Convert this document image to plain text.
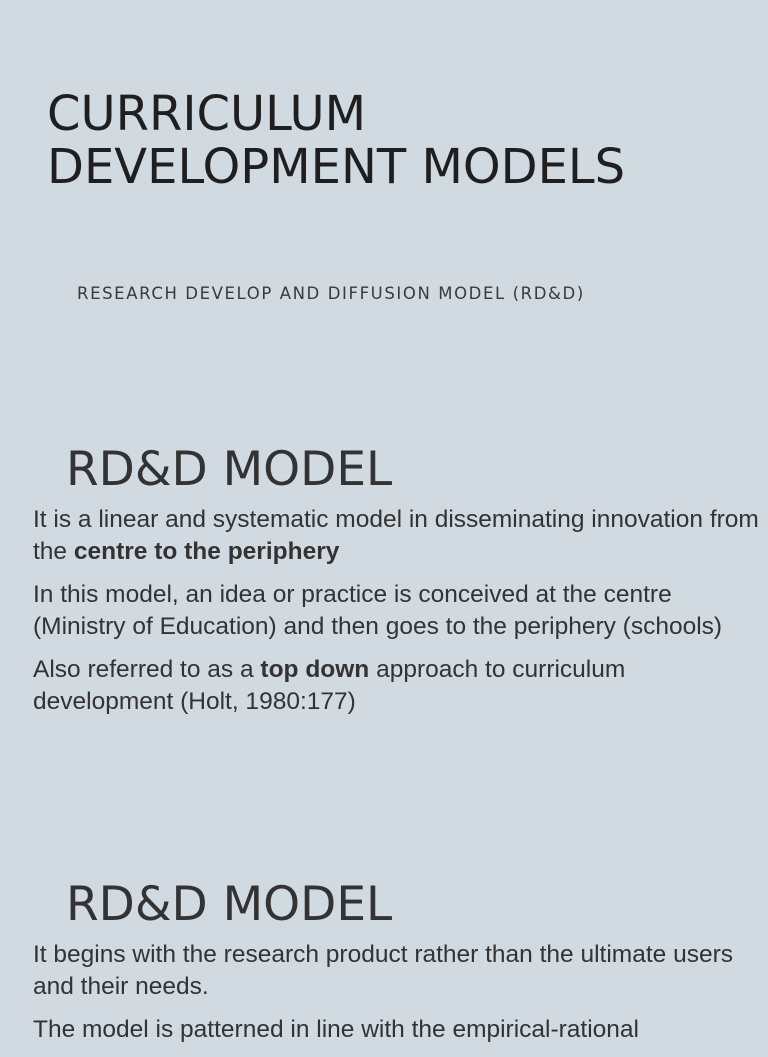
CURRICULUM
DEVELOPMENT MODELS

RESEARCH DEVELOP AND DIFFUSION MODEL (RD&D)

RD&D MODEL
It is a linear and systematic model in disseminating innovation from the centre to the periphery
In this model, an idea or practice is conceived at the centre (Ministry of Education) and then goes to the periphery (schools)
Also referred to as a top down approach to curriculum development (Holt, 1980:177)
RD&D MODEL
It begins with the research product rather than the ultimate users and their needs.
The model is patterned in line with the empirical-rational
